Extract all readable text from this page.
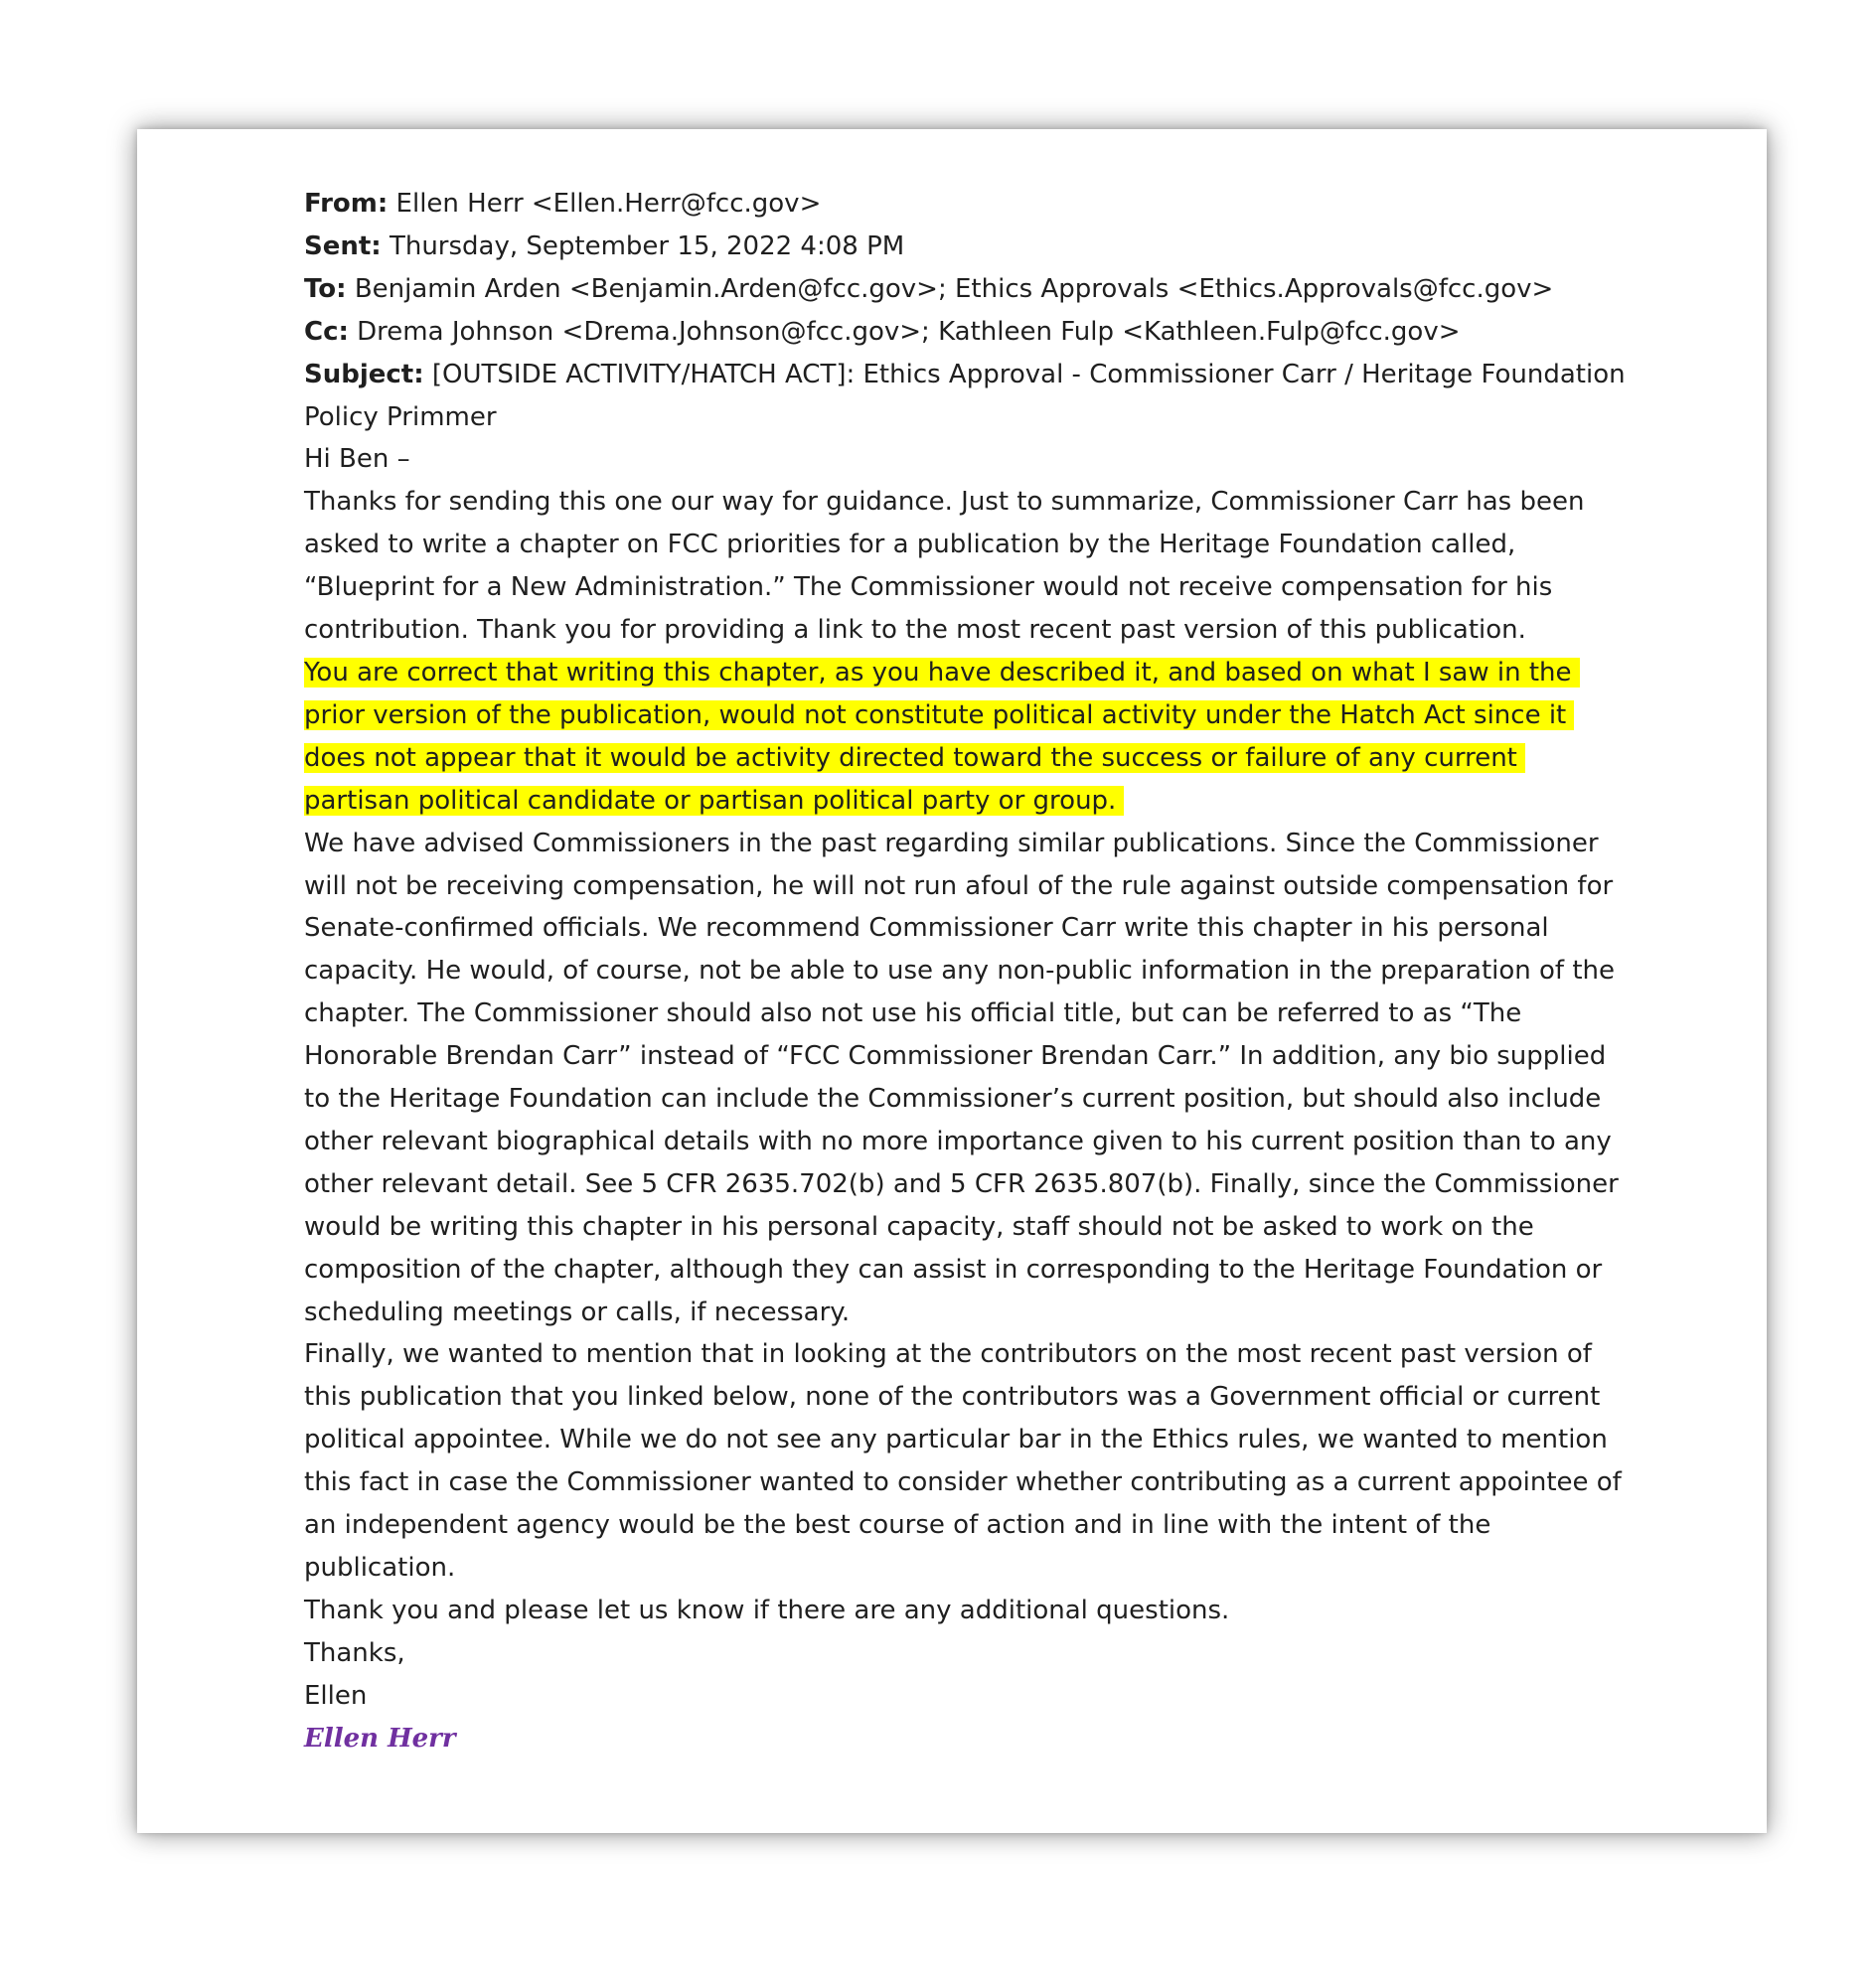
From: Ellen Herr <Ellen.Herr@fcc.gov>
Sent: Thursday, September 15, 2022 4:08 PM
To: Benjamin Arden <Benjamin.Arden@fcc.gov>; Ethics Approvals <Ethics.Approvals@fcc.gov>
Cc: Drema Johnson <Drema.Johnson@fcc.gov>; Kathleen Fulp <Kathleen.Fulp@fcc.gov>
Subject: [OUTSIDE ACTIVITY/HATCH ACT]: Ethics Approval - Commissioner Carr / Heritage Foundation Policy Primmer
Hi Ben –
Thanks for sending this one our way for guidance. Just to summarize, Commissioner Carr has been asked to write a chapter on FCC priorities for a publication by the Heritage Foundation called, “Blueprint for a New Administration.” The Commissioner would not receive compensation for his contribution. Thank you for providing a link to the most recent past version of this publication.
You are correct that writing this chapter, as you have described it, and based on what I saw in the prior version of the publication, would not constitute political activity under the Hatch Act since it does not appear that it would be activity directed toward the success or failure of any current partisan political candidate or partisan political party or group.
We have advised Commissioners in the past regarding similar publications. Since the Commissioner will not be receiving compensation, he will not run afoul of the rule against outside compensation for Senate-confirmed officials. We recommend Commissioner Carr write this chapter in his personal capacity. He would, of course, not be able to use any non-public information in the preparation of the chapter. The Commissioner should also not use his official title, but can be referred to as “The Honorable Brendan Carr” instead of “FCC Commissioner Brendan Carr.” In addition, any bio supplied to the Heritage Foundation can include the Commissioner’s current position, but should also include other relevant biographical details with no more importance given to his current position than to any other relevant detail. See 5 CFR 2635.702(b) and 5 CFR 2635.807(b). Finally, since the Commissioner would be writing this chapter in his personal capacity, staff should not be asked to work on the composition of the chapter, although they can assist in corresponding to the Heritage Foundation or scheduling meetings or calls, if necessary.
Finally, we wanted to mention that in looking at the contributors on the most recent past version of this publication that you linked below, none of the contributors was a Government official or current political appointee. While we do not see any particular bar in the Ethics rules, we wanted to mention this fact in case the Commissioner wanted to consider whether contributing as a current appointee of an independent agency would be the best course of action and in line with the intent of the publication.
Thank you and please let us know if there are any additional questions.
Thanks,
Ellen
Ellen Herr
